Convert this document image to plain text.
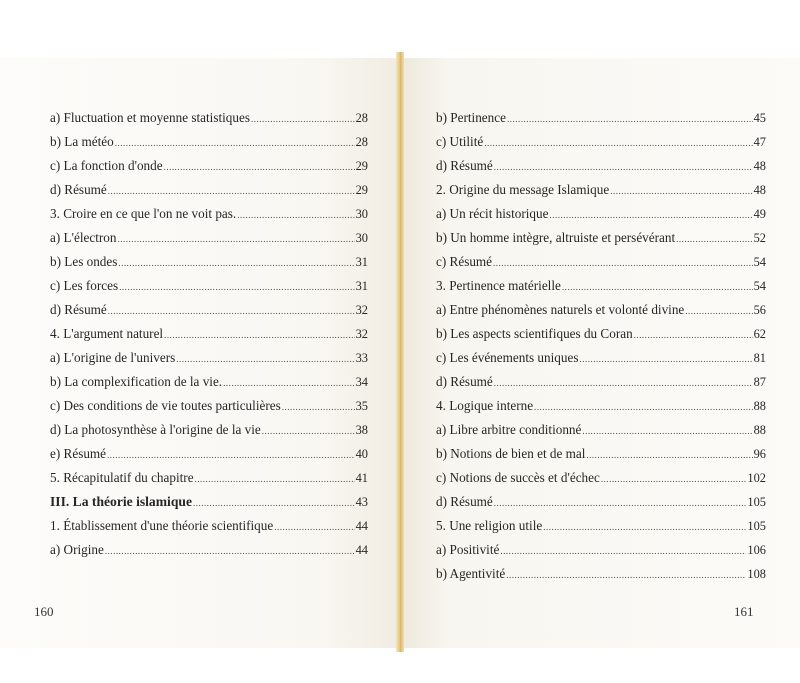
a) Fluctuation et moyenne statistiques .....	28
b) La météo .....	28
c) La fonction d'onde .....	29
d) Résumé .....	29
3. Croire en ce que l'on ne voit pas. .....	30
a) L'électron .....	30
b) Les ondes .....	31
c) Les forces .....	31
d) Résumé .....	32
4. L'argument naturel .....	32
a) L'origine de l'univers .....	33
b) La complexification de la vie. .....	34
c) Des conditions de vie toutes particulières .....	35
d) La photosynthèse à l'origine de la vie .....	38
e) Résumé .....	40
5. Récapitulatif du chapitre .....	41
III. La théorie islamique .....	43
1. Établissement d'une théorie scientifique .....	44
a) Origine .....	44
b) Pertinence .....	45
c) Utilité .....	47
d) Résumé .....	48
2. Origine du message Islamique .....	48
a) Un récit historique .....	49
b) Un homme intègre, altruiste et persévérant .....	52
c) Résumé .....	54
3. Pertinence matérielle .....	54
a) Entre phénomènes naturels et volonté divine .....	56
b) Les aspects scientifiques du Coran .....	62
c) Les événements uniques .....	81
d) Résumé .....	87
4. Logique interne .....	88
a) Libre arbitre conditionné .....	88
b) Notions de bien et de mal .....	96
c) Notions de succès et d'échec .....	102
d) Résumé .....	105
5. Une religion utile .....	105
a) Positivité .....	106
b) Agentivité .....	108
160	161
